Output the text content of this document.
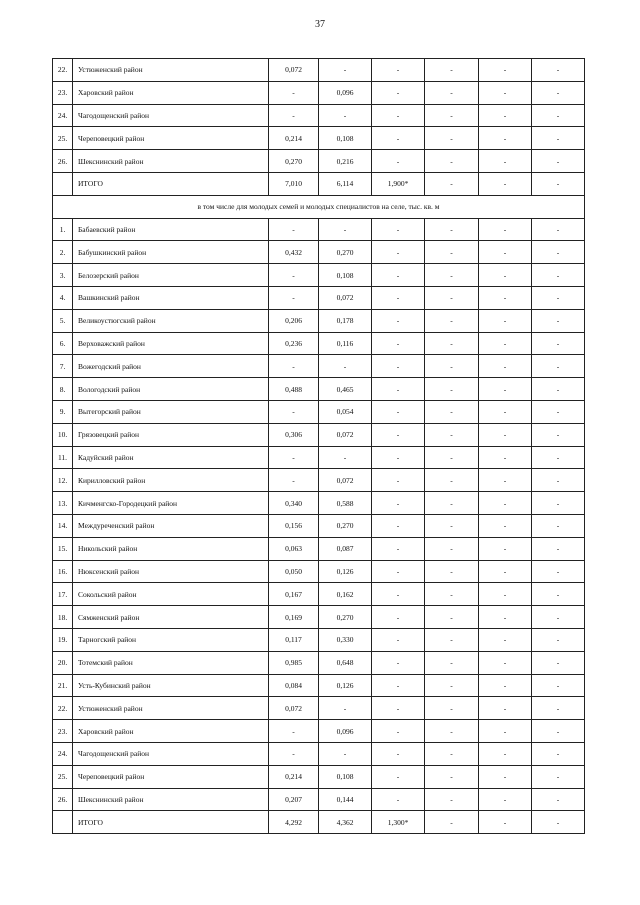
37
22.	Устюженский район	0,072	-	-	-	-	-
23.	Харовский район	-	0,096	-	-	-	-
24.	Чагодощенский район	-	-	-	-	-	-
25.	Череповецкий район	0,214	0,108	-	-	-	-
26.	Шекснинский район	0,270	0,216	-	-	-	-
	ИТОГО	7,010	6,114	1,900*	-	-	-
в том числе для молодых семей и молодых специалистов на селе, тыс. кв. м							
1.	Бабаевский район	-	-	-	-	-	-
2.	Бабушкинский район	0,432	0,270	-	-	-	-
3.	Белозерский район	-	0,108	-	-	-	-
4.	Вашкинский район	-	0,072	-	-	-	-
5.	Великоустюгский район	0,206	0,178	-	-	-	-
6.	Верховажский район	0,236	0,116	-	-	-	-
7.	Вожегодский район	-	-	-	-	-	-
8.	Вологодский район	0,488	0,465	-	-	-	-
9.	Вытегорский район	-	0,054	-	-	-	-
10.	Грязовецкий район	0,306	0,072	-	-	-	-
11.	Кадуйский район	-	-	-	-	-	-
12.	Кирилловский район	-	0,072	-	-	-	-
13.	Кичменгско-Городецкий район	0,340	0,588	-	-	-	-
14.	Междуреченский район	0,156	0,270	-	-	-	-
15.	Никольский район	0,063	0,087	-	-	-	-
16.	Нюксенский район	0,050	0,126	-	-	-	-
17.	Сокольский район	0,167	0,162	-	-	-	-
18.	Сямженский район	0,169	0,270	-	-	-	-
19.	Тарногский район	0,117	0,330	-	-	-	-
20.	Тотемский район	0,985	0,648	-	-	-	-
21.	Усть-Кубинский район	0,084	0,126	-	-	-	-
22.	Устюженский район	0,072	-	-	-	-	-
23.	Харовский район	-	0,096	-	-	-	-
24.	Чагодощенский район	-	-	-	-	-	-
25.	Череповецкий район	0,214	0,108	-	-	-	-
26.	Шекснинский район	0,207	0,144	-	-	-	-
	ИТОГО	4,292	4,362	1,300*	-	-	-
